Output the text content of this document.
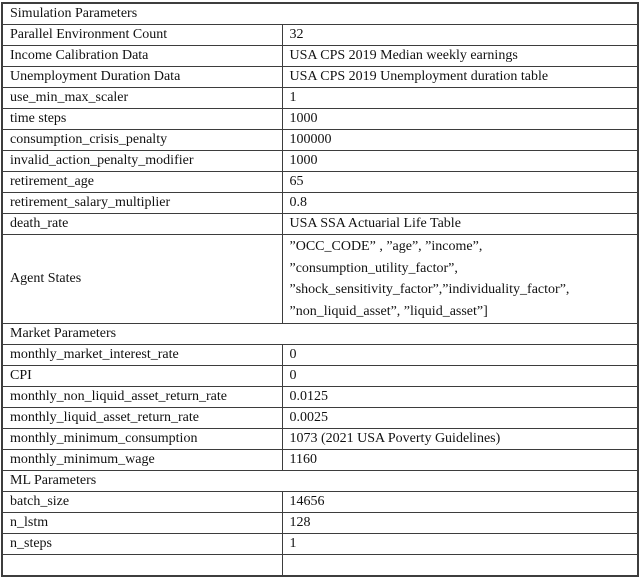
Simulation Parameters	
Parallel Environment Count	32
Income Calibration Data	USA CPS 2019 Median weekly earnings
Unemployment Duration Data	USA CPS 2019 Unemployment duration table
use_min_max_scaler	1
time steps	1000
consumption_crisis_penalty	100000
invalid_action_penalty_modifier	1000
retirement_age	65
retirement_salary_multiplier	0.8
death_rate	USA SSA Actuarial Life Table
Agent States	”OCC_CODE” , ”age”, ”income”,
”consumption_utility_factor”,
”shock_sensitivity_factor”,”individuality_factor”,
”non_liquid_asset”, ”liquid_asset”]
Market Parameters	
monthly_market_interest_rate	0
CPI	0
monthly_non_liquid_asset_return_rate	0.0125
monthly_liquid_asset_return_rate	0.0025
monthly_minimum_consumption	1073 (2021 USA Poverty Guidelines)
monthly_minimum_wage	1160
ML Parameters	
batch_size	14656
n_lstm	128
n_steps	1
